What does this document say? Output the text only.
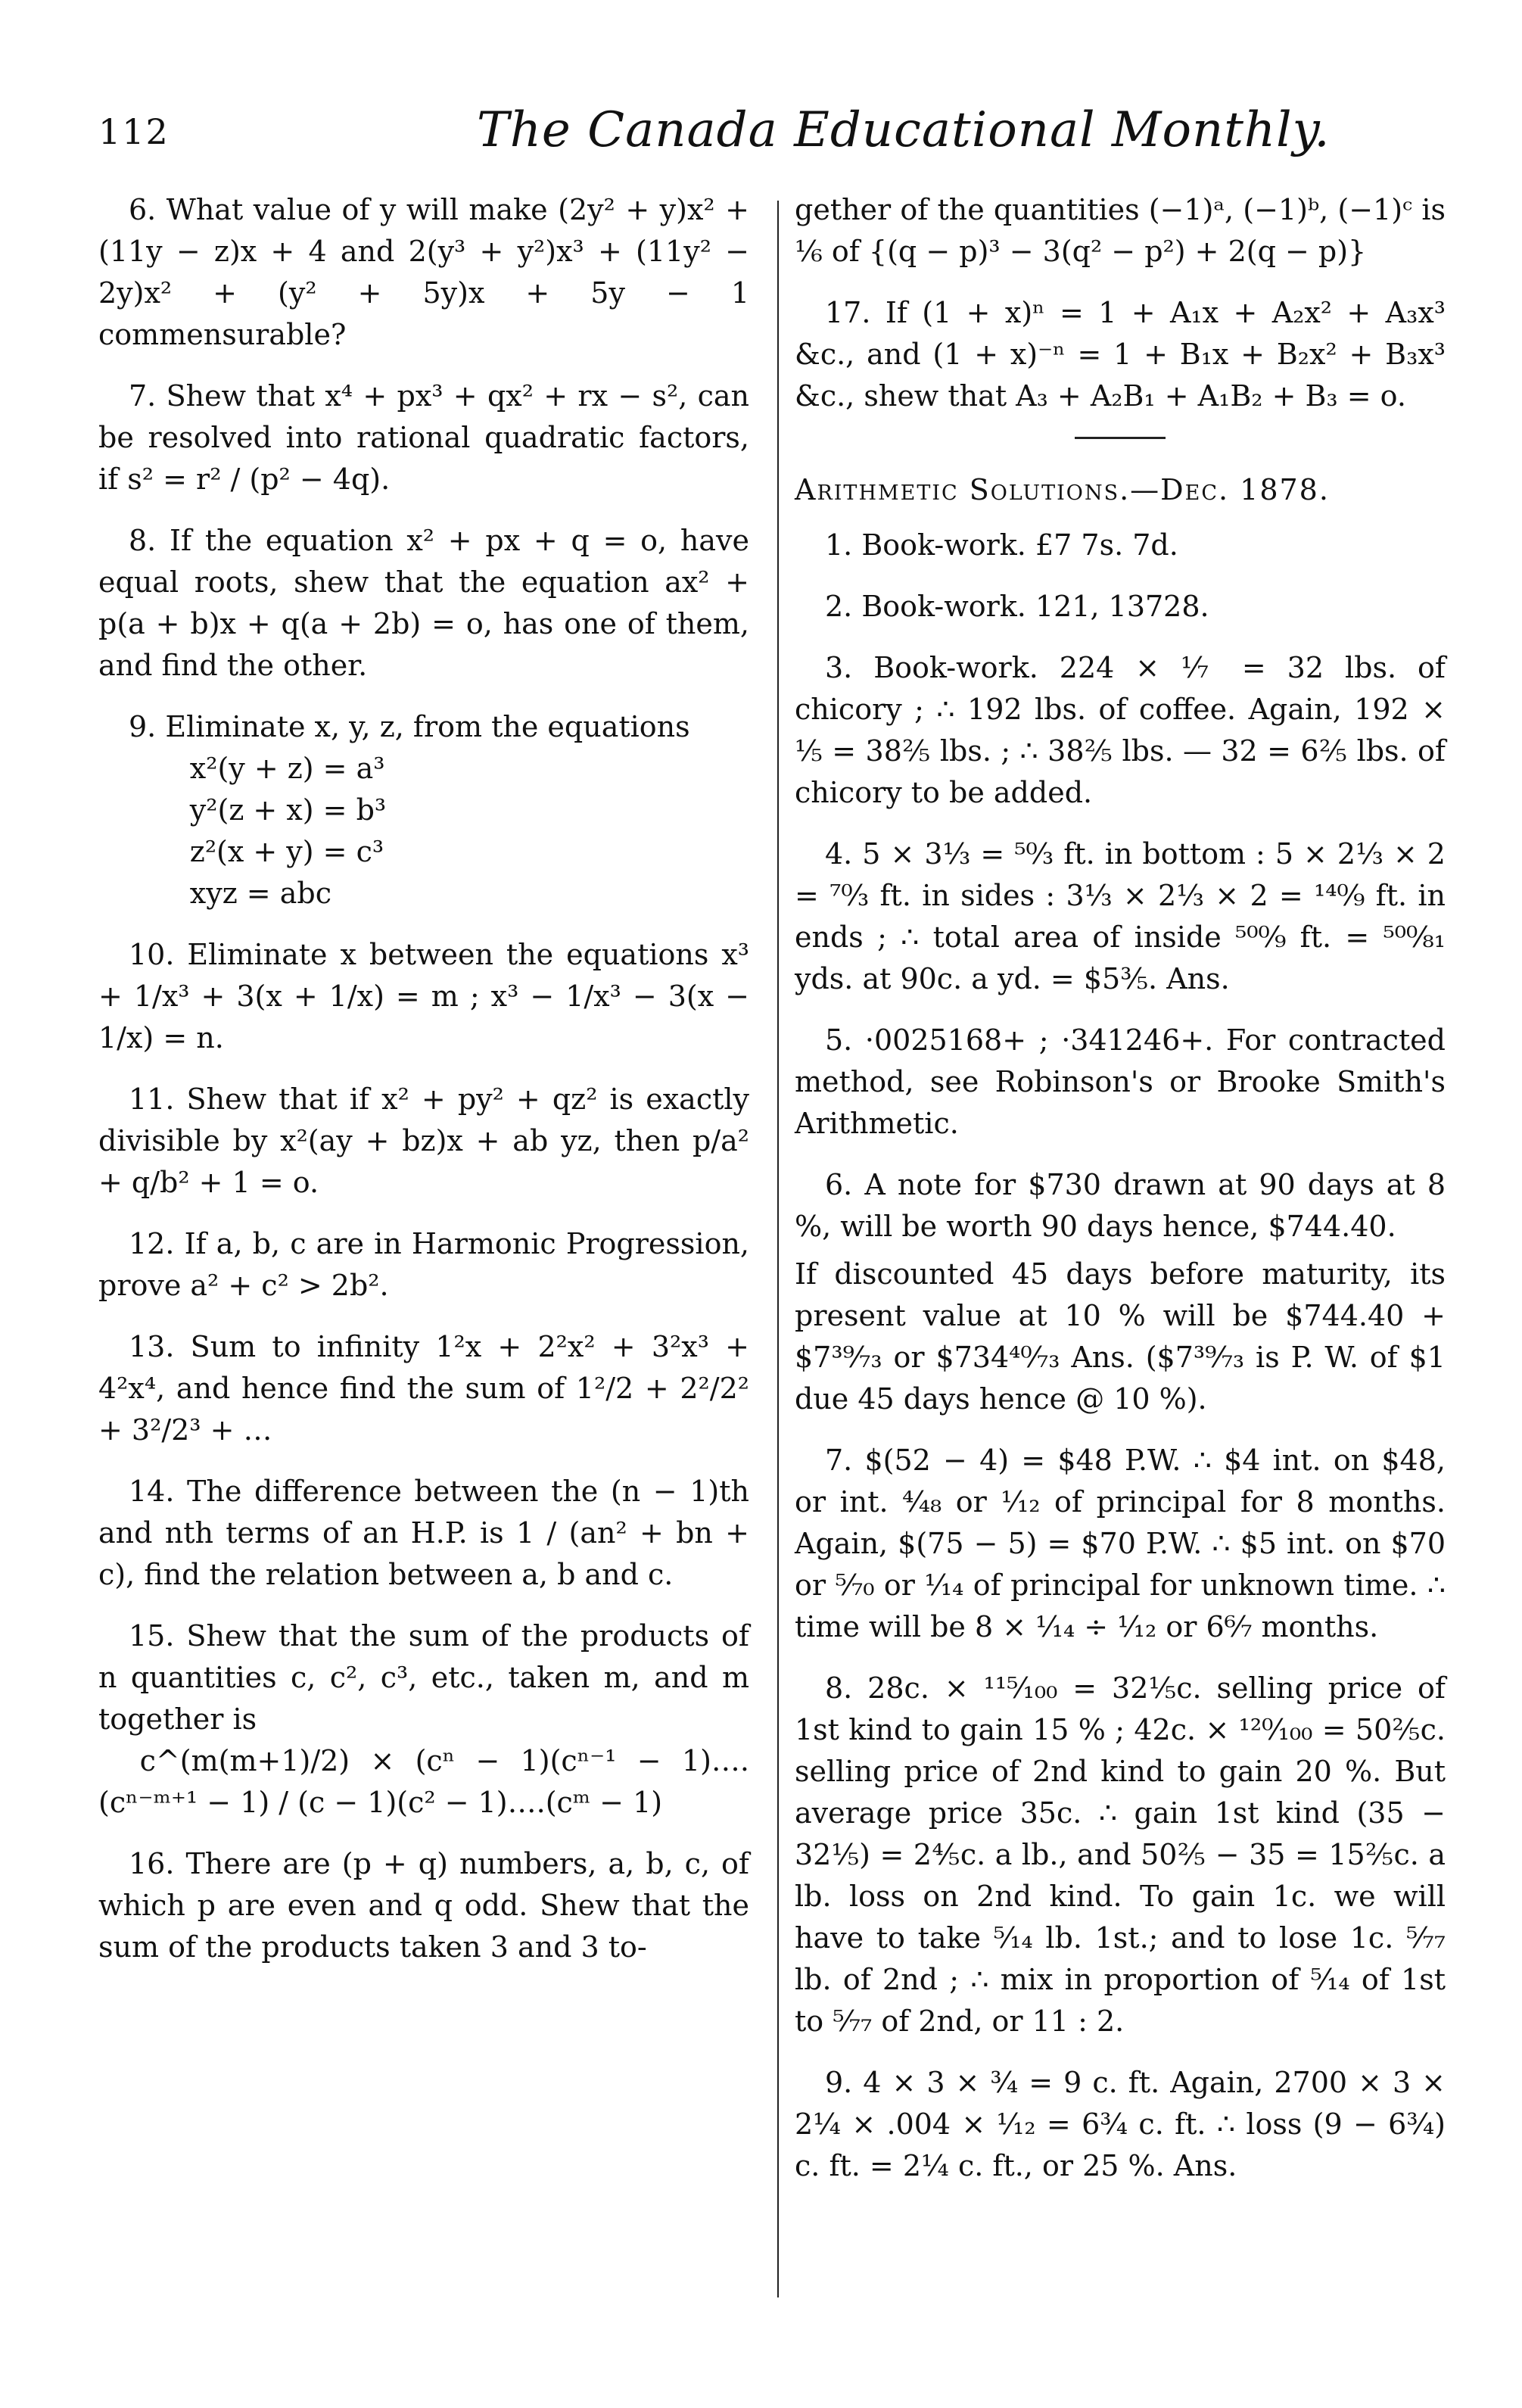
112	The Canada Educational Monthly.
6. What value of y will make (2y² + y)x² + (11y − z)x + 4 and 2(y³ + y²)x³ + (11y² − 2y)x² + (y² + 5y)x + 5y − 1 commensurable?
7. Shew that x⁴ + px³ + qx² + rx − s², can be resolved into rational quadratic factors, if s² = r² / (p² − 4q).
8. If the equation x² + px + q = o, have equal roots, shew that the equation ax² + p(a + b)x + q(a + 2b) = o, has one of them, and find the other.
9. Eliminate x, y, z, from the equations
x²(y + z) = a³
y²(z + x) = b³
z²(x + y) = c³
xyz = abc
10. Eliminate x between the equations x³ + 1/x³ + 3(x + 1/x) = m ; x³ − 1/x³ − 3(x − 1/x) = n.
11. Shew that if x² + py² + qz² is exactly divisible by x²(ay + bz)x + ab yz, then p/a² + q/b² + 1 = o.
12. If a, b, c are in Harmonic Progression, prove a² + c² > 2b².
13. Sum to infinity 1²x + 2²x² + 3²x³ + 4²x⁴, and hence find the sum of 1²/2 + 2²/2² + 3²/2³ + …
14. The difference between the (n − 1)th and nth terms of an H.P. is 1 / (an² + bn + c), find the relation between a, b and c.
15. Shew that the sum of the products of n quantities c, c², c³, etc., taken m, and m together is
c^(m(m+1)/2) × (cⁿ − 1)(cⁿ⁻¹ − 1)….(cⁿ⁻ᵐ⁺¹ − 1) / (c − 1)(c² − 1)….(cᵐ − 1)
16. There are (p + q) numbers, a, b, c, of which p are even and q odd. Shew that the sum of the products taken 3 and 3 to-
gether of the quantities (−1)ᵃ, (−1)ᵇ, (−1)ᶜ is ⅙ of {(q − p)³ − 3(q² − p²) + 2(q − p)}
17. If (1 + x)ⁿ = 1 + A₁x + A₂x² + A₃x³ &c., and (1 + x)⁻ⁿ = 1 + B₁x + B₂x² + B₃x³ &c., shew that A₃ + A₂B₁ + A₁B₂ + B₃ = o.
Arithmetic Solutions.—Dec. 1878.
1. Book-work. £7 7s. 7d.
2. Book-work. 121, 13728.
3. Book-work. 224 × ⅐ = 32 lbs. of chicory ; ∴ 192 lbs. of coffee. Again, 192 × ⅕ = 38⅖ lbs. ; ∴ 38⅖ lbs. — 32 = 6⅖ lbs. of chicory to be added.
4. 5 × 3⅓ = ⁵⁰⁄₃ ft. in bottom : 5 × 2⅓ × 2 = ⁷⁰⁄₃ ft. in sides : 3⅓ × 2⅓ × 2 = ¹⁴⁰⁄₉ ft. in ends ; ∴ total area of inside ⁵⁰⁰⁄₉ ft. = ⁵⁰⁰⁄₈₁ yds. at 90c. a yd. = $5⅗. Ans.
5. ·0025168+ ; ·341246+. For contracted method, see Robinson's or Brooke Smith's Arithmetic.
6. A note for $730 drawn at 90 days at 8 %, will be worth 90 days hence, $744.40.
If discounted 45 days before maturity, its present value at 10 % will be $744.40 + $7³⁹⁄₇₃ or $734⁴⁰⁄₇₃ Ans. ($7³⁹⁄₇₃ is P. W. of $1 due 45 days hence @ 10 %).
7. $(52 − 4) = $48 P.W. ∴ $4 int. on $48, or int. ⁴⁄₄₈ or ¹⁄₁₂ of principal for 8 months. Again, $(75 − 5) = $70 P.W. ∴ $5 int. on $70 or ⁵⁄₇₀ or ¹⁄₁₄ of principal for unknown time. ∴ time will be 8 × ¹⁄₁₄ ÷ ¹⁄₁₂ or 6⁶⁄₇ months.
8. 28c. × ¹¹⁵⁄₁₀₀ = 32⅕c. selling price of 1st kind to gain 15 % ; 42c. × ¹²⁰⁄₁₀₀ = 50⅖c. selling price of 2nd kind to gain 20 %. But average price 35c. ∴ gain 1st kind (35 − 32⅕) = 2⅘c. a lb., and 50⅖ − 35 = 15⅖c. a lb. loss on 2nd kind. To gain 1c. we will have to take ⁵⁄₁₄ lb. 1st.; and to lose 1c. ⁵⁄₇₇ lb. of 2nd ; ∴ mix in proportion of ⁵⁄₁₄ of 1st to ⁵⁄₇₇ of 2nd, or 11 : 2.
9. 4 × 3 × ¾ = 9 c. ft. Again, 2700 × 3 × 2¼ × .004 × ¹⁄₁₂ = 6¾ c. ft. ∴ loss (9 − 6¾) c. ft. = 2¼ c. ft., or 25 %. Ans.
